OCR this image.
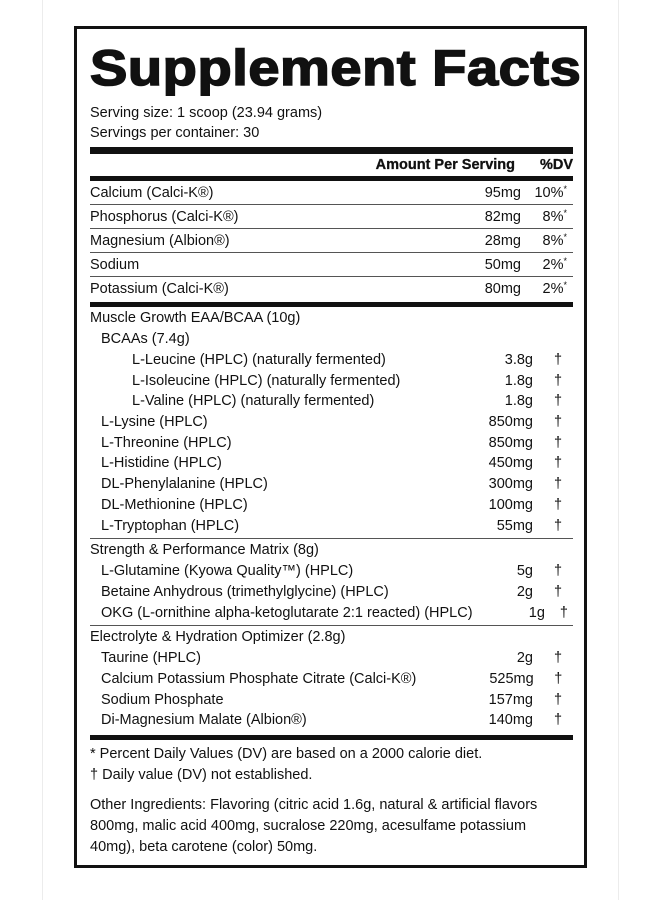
Supplement Facts
Serving size: 1 scoop (23.94 grams)
Servings per container: 30
Amount Per Serving	%DV
Calcium (Calci-K®)	95mg 10%*
Phosphorus (Calci-K®)	82mg	8%*
Magnesium (Albion®)	28mg	8%*
Sodium	50mg	2%*
Potassium (Calci-K®)	80mg	2%*
Muscle Growth EAA/BCAA (10g)
BCAAs (7.4g)
L-Leucine (HPLC) (naturally fermented)	3.8g	†
L-Isoleucine (HPLC) (naturally fermented)	1.8g	†
L-Valine (HPLC) (naturally fermented)	1.8g	†
L-Lysine (HPLC)	850mg	†
L-Threonine (HPLC)	850mg	†
L-Histidine (HPLC)	450mg	†
DL-Phenylalanine (HPLC)	300mg	†
DL-Methionine (HPLC)	100mg	†
L-Tryptophan (HPLC)	55mg	†
Strength & Performance Matrix (8g)
L-Glutamine (Kyowa Quality™) (HPLC)	5g	†
Betaine Anhydrous (trimethylglycine) (HPLC)	2g	†
OKG (L-ornithine alpha-ketoglutarate 2:1 reacted) (HPLC)	1g	†
Electrolyte & Hydration Optimizer (2.8g)
Taurine (HPLC)	2g	†
Calcium Potassium Phosphate Citrate (Calci-K®)	525mg	†
Sodium Phosphate	157mg	†
Di-Magnesium Malate (Albion®)	140mg	†
* Percent Daily Values (DV) are based on a 2000 calorie diet.
† Daily value (DV) not established.
Other Ingredients: Flavoring (citric acid 1.6g, natural & artificial flavors 800mg, malic acid 400mg, sucralose 220mg, acesulfame potassium 40mg), beta carotene (color) 50mg.
